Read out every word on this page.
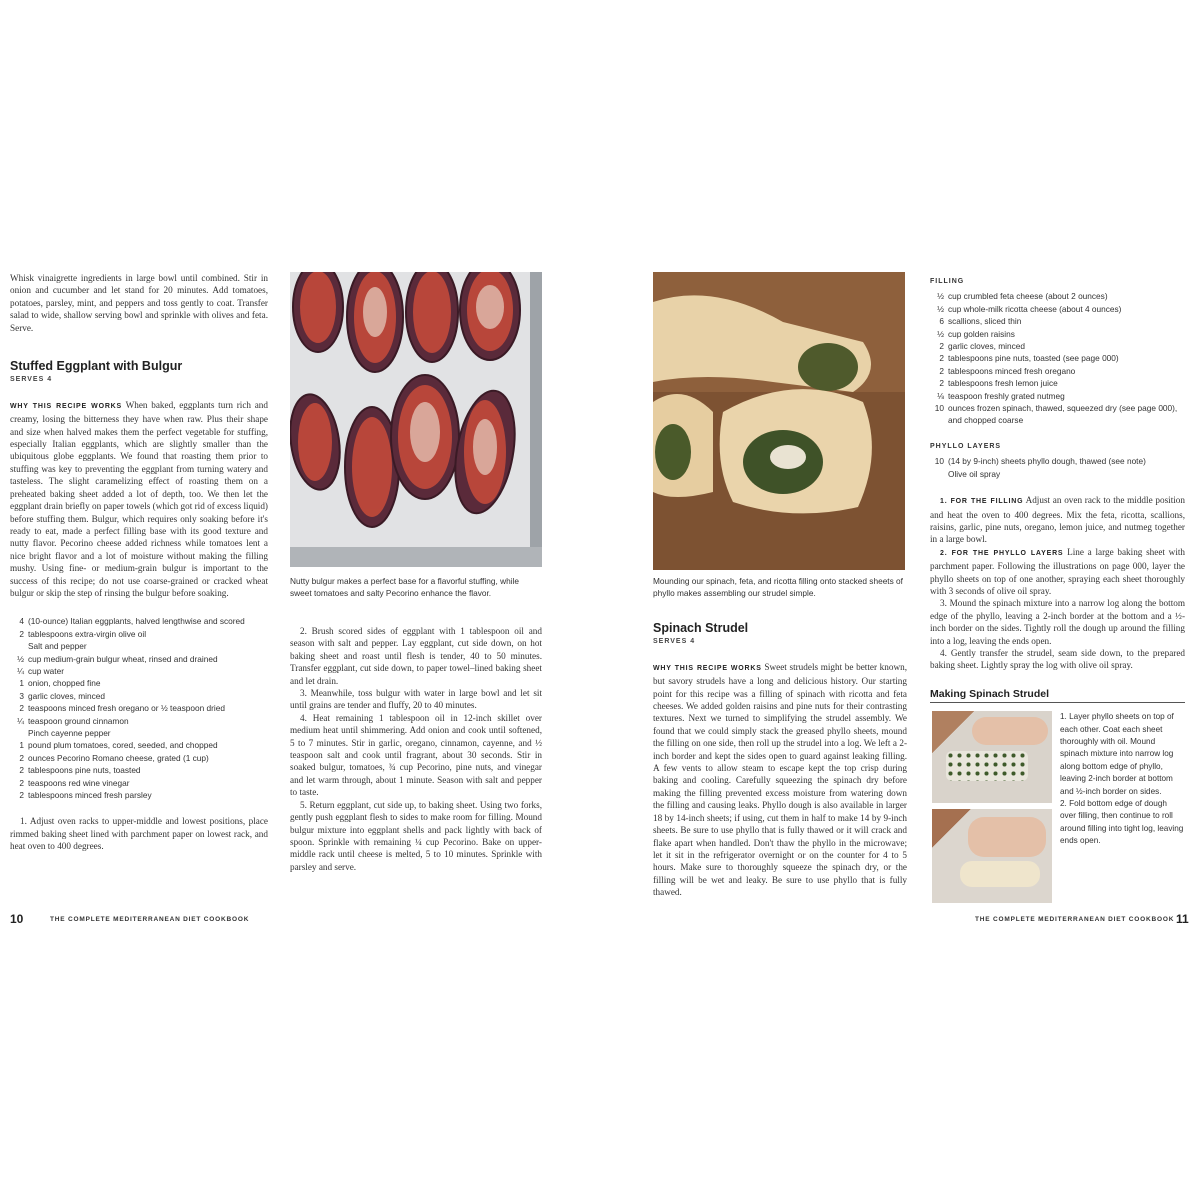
Whisk vinaigrette ingredients in large bowl until combined. Stir in onion and cucumber and let stand for 20 minutes. Add tomatoes, potatoes, parsley, mint, and peppers and toss gently to coat. Transfer salad to wide, shallow serving bowl and sprinkle with olives and feta. Serve.

Stuffed Eggplant with Bulgur
SERVES 4

WHY THIS RECIPE WORKS When baked, eggplants turn rich and creamy, losing the bitterness they have when raw. Plus their shape and size when halved makes them the perfect vegetable for stuffing, especially Italian eggplants, which are slightly smaller than the ubiquitous globe eggplants. We found that roasting them prior to stuffing was key to preventing the eggplant from turning watery and tasteless. The slight caramelizing effect of roasting them on a preheated baking sheet added a lot of depth, too. We then let the eggplant drain briefly on paper towels (which got rid of excess liquid) before stuffing them. Bulgur, which requires only soaking before it's ready to eat, made a perfect filling base with its good texture and nutty flavor. Pecorino cheese added richness while tomatoes lent a nice bright flavor and a lot of moisture without making the filling mushy. Using fine- or medium-grain bulgur is important to the success of this recipe; do not use coarse-grained or cracked wheat bulgur or skip the step of rinsing the bulgur before soaking.

4 (10-ounce) Italian eggplants, halved lengthwise and scored
2 tablespoons extra-virgin olive oil
Salt and pepper
½ cup medium-grain bulgur wheat, rinsed and drained
¼ cup water
1 onion, chopped fine
3 garlic cloves, minced
2 teaspoons minced fresh oregano or ½ teaspoon dried
¼ teaspoon ground cinnamon
Pinch cayenne pepper
1 pound plum tomatoes, cored, seeded, and chopped
2 ounces Pecorino Romano cheese, grated (1 cup)
2 tablespoons pine nuts, toasted
2 teaspoons red wine vinegar
2 tablespoons minced fresh parsley

1. Adjust oven racks to upper-middle and lowest positions, place rimmed baking sheet lined with parchment paper on lowest rack, and heat oven to 400 degrees.

Nutty bulgur makes a perfect base for a flavorful stuffing, while sweet tomatoes and salty Pecorino enhance the flavor.

2. Brush scored sides of eggplant with 1 tablespoon oil and season with salt and pepper. Lay eggplant, cut side down, on hot baking sheet and roast until flesh is tender, 40 to 50 minutes. Transfer eggplant, cut side down, to paper towel–lined baking sheet and let drain.

3. Meanwhile, toss bulgur with water in large bowl and let sit until grains are tender and fluffy, 20 to 40 minutes.

4. Heat remaining 1 tablespoon oil in 12-inch skillet over medium heat until shimmering. Add onion and cook until softened, 5 to 7 minutes. Stir in garlic, oregano, cinnamon, cayenne, and ½ teaspoon salt and cook until fragrant, about 30 seconds. Stir in soaked bulgur, tomatoes, ¾ cup Pecorino, pine nuts, and vinegar and let warm through, about 1 minute. Season with salt and pepper to taste.

5. Return eggplant, cut side up, to baking sheet. Using two forks, gently push eggplant flesh to sides to make room for filling. Mound bulgur mixture into eggplant shells and pack lightly with back of spoon. Sprinkle with remaining ¼ cup Pecorino. Bake on upper-middle rack until cheese is melted, 5 to 10 minutes. Sprinkle with parsley and serve.

10	THE COMPLETE MEDITERRANEAN DIET COOKBOOK
Mounding our spinach, feta, and ricotta filling onto stacked sheets of phyllo makes assembling our strudel simple.
Spinach Strudel
SERVES 4

WHY THIS RECIPE WORKS Sweet strudels might be better known, but savory strudels have a long and delicious history. Our starting point for this recipe was a filling of spinach with ricotta and feta cheeses. We added golden raisins and pine nuts for their contrasting textures. Next we turned to simplifying the strudel assembly. We found that we could simply stack the greased phyllo sheets, mound the filling on one side, then roll up the strudel into a log. We left a 2-inch border and kept the sides open to guard against leaking filling. A few vents to allow steam to escape kept the top crisp during baking and cooling. Carefully squeezing the spinach dry before making the filling prevented excess moisture from watering down the filling and causing leaks. Phyllo dough is also available in larger 18 by 14-inch sheets; if using, cut them in half to make 14 by 9-inch sheets. Be sure to use phyllo that is fully thawed or it will crack and flake apart when handled. Don't thaw the phyllo in the microwave; let it sit in the refrigerator overnight or on the counter for 4 to 5 hours. Make sure to thoroughly squeeze the spinach dry, or the filling will be wet and leaky. Be sure to use phyllo that is fully thawed.

FILLING
½ cup crumbled feta cheese (about 2 ounces)
½ cup whole-milk ricotta cheese (about 4 ounces)
6 scallions, sliced thin
½ cup golden raisins
2 garlic cloves, minced
2 tablespoons pine nuts, toasted (see page 000)
2 tablespoons minced fresh oregano
2 tablespoons fresh lemon juice
⅛ teaspoon freshly grated nutmeg
10 ounces frozen spinach, thawed, squeezed dry (see page 000), and chopped coarse
PHYLLO LAYERS
10 (14 by 9-inch) sheets phyllo dough, thawed (see note)
Olive oil spray

1. FOR THE FILLING Adjust an oven rack to the middle position and heat the oven to 400 degrees. Mix the feta, ricotta, scallions, raisins, garlic, pine nuts, oregano, lemon juice, and nutmeg together in a large bowl.

2. FOR THE PHYLLO LAYERS Line a large baking sheet with parchment paper. Following the illustrations on page 000, layer the phyllo sheets on top of one another, spraying each sheet thoroughly with 3 seconds of olive oil spray.

3. Mound the spinach mixture into a narrow log along the bottom edge of the phyllo, leaving a 2-inch border at the bottom and a ½-inch border on the sides. Tightly roll the dough up around the filling into a log, leaving the ends open.

4. Gently transfer the strudel, seam side down, to the prepared baking sheet. Lightly spray the log with olive oil spray.

Making Spinach Strudel

1. Layer phyllo sheets on top of each other. Coat each sheet thoroughly with oil. Mound spinach mixture into narrow log along bottom edge of phyllo, leaving 2-inch border at bottom and ½-inch border on sides.

2. Fold bottom edge of dough over filling, then continue to roll around filling into tight log, leaving ends open.

THE COMPLETE MEDITERRANEAN DIET COOKBOOK 11
